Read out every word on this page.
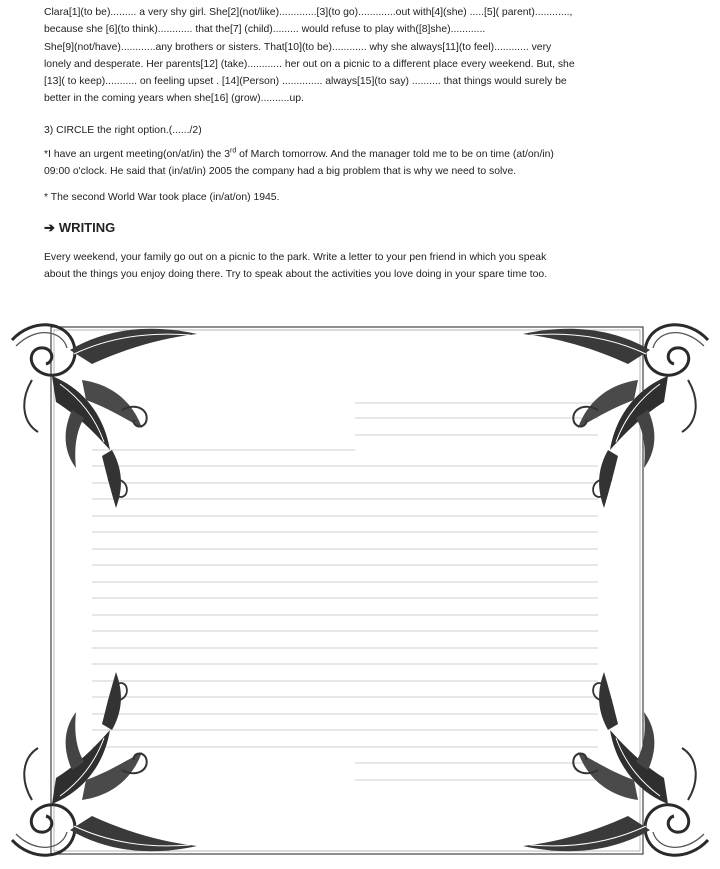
Clara[1](to be)......... a very shy girl. She[2](not/like).............[3](to go).............out with[4](she) .....[5]( parent)............,
because she [6](to think)............ that the[7] (child)......... would refuse to play with([8]she)............
She[9](not/have)............any brothers or sisters. That[10](to be)............ why she always[11](to feel)............ very
lonely and desperate. Her parents[12] (take)............ her out on a picnic to a different place every weekend. But, she
[13]( to keep)........... on feeling upset . [14](Person) .............. always[15](to say) .......... that things would surely be
better in the coming years when she[16] (grow)..........up.
3) CIRCLE the right option.(....../2)
*I have an urgent meeting(on/at/in) the 3rd of March tomorrow. And the manager told me to be on time (at/on/in)
09:00 o'clock. He said that (in/at/in) 2005 the company had a big problem that is why we need to solve.
* The second World War took place (in/at/on) 1945.
➔ WRITING
Every weekend, your family go out on a picnic to the park. Write a letter to your pen friend in which you speak
about the things you enjoy doing there. Try to speak about the activities you love doing in your spare time too.
